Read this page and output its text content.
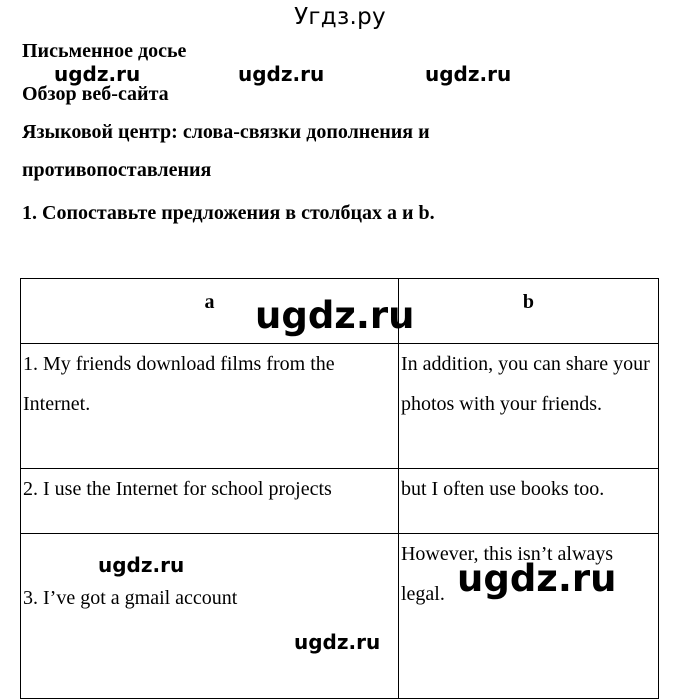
Угдз.ру
Письменное досье
Обзор веб-сайта
Языковой центр: слова-связки дополнения и
противопоставления
1. Сопоставьте предложения в столбцах a и b.
a	b
1. My friends download films from the Internet.	In addition, you can share your photos with your friends.
2. I use the Internet for school projects	but I often use books too.
3. I’ve got a gmail account	However, this isn’t always legal.
ugdz.ru	ugdz.ru	ugdz.ru
ugdz.ru
ugdz.ru	ugdz.ru
ugdz.ru
